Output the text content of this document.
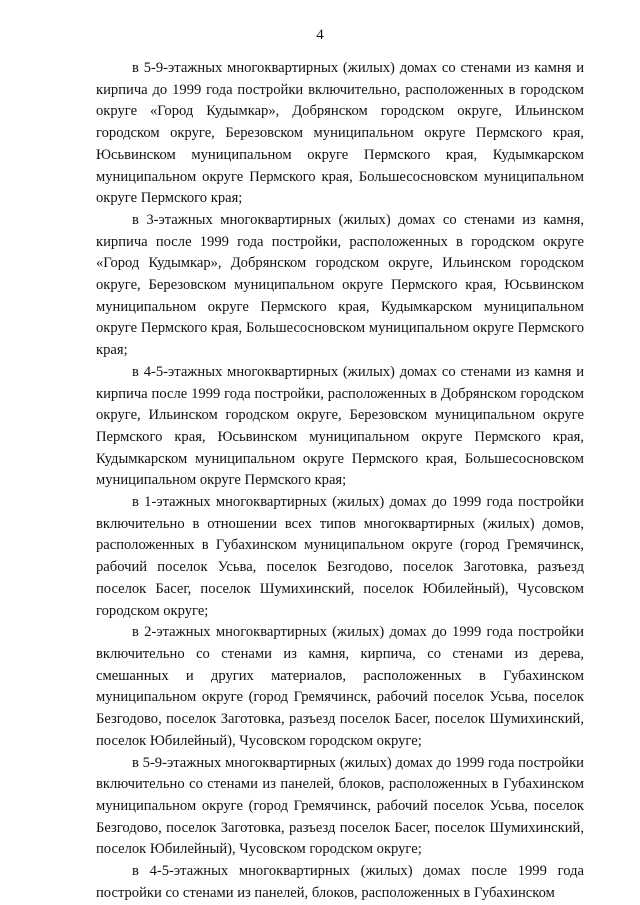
4

в 5-9-этажных многоквартирных (жилых) домах со стенами из камня и кирпича до 1999 года постройки включительно, расположенных в городском округе «Город Кудымкар», Добрянском городском округе, Ильинском городском округе, Березовском муниципальном округе Пермского края, Юсьвинском муниципальном округе Пермского края, Кудымкарском муниципальном округе Пермского края, Большесосновском муниципальном округе Пермского края;

в 3-этажных многоквартирных (жилых) домах со стенами из камня, кирпича после 1999 года постройки, расположенных в городском округе «Город Кудымкар», Добрянском городском округе, Ильинском городском округе, Березовском муниципальном округе Пермского края, Юсьвинском муниципальном округе Пермского края, Кудымкарском муниципальном округе Пермского края, Большесосновском муниципальном округе Пермского края;

в 4-5-этажных многоквартирных (жилых) домах со стенами из камня и кирпича после 1999 года постройки, расположенных в Добрянском городском округе, Ильинском городском округе, Березовском муниципальном округе Пермского края, Юсьвинском муниципальном округе Пермского края, Кудымкарском муниципальном округе Пермского края, Большесосновском муниципальном округе Пермского края;

в 1-этажных многоквартирных (жилых) домах до 1999 года постройки включительно в отношении всех типов многоквартирных (жилых) домов, расположенных в Губахинском муниципальном округе (город Гремячинск, рабочий поселок Усьва, поселок Безгодово, поселок Заготовка, разъезд поселок Басег, поселок Шумихинский, поселок Юбилейный), Чусовском городском округе;

в 2-этажных многоквартирных (жилых) домах до 1999 года постройки включительно со стенами из камня, кирпича, со стенами из дерева, смешанных и других материалов, расположенных в Губахинском муниципальном округе (город Гремячинск, рабочий поселок Усьва, поселок Безгодово, поселок Заготовка, разъезд поселок Басег, поселок Шумихинский, поселок Юбилейный), Чусовском городском округе;

в 5-9-этажных многоквартирных (жилых) домах до 1999 года постройки включительно со стенами из панелей, блоков, расположенных в Губахинском муниципальном округе (город Гремячинск, рабочий поселок Усьва, поселок Безгодово, поселок Заготовка, разъезд поселок Басег, поселок Шумихинский, поселок Юбилейный), Чусовском городском округе;

в 4-5-этажных многоквартирных (жилых) домах после 1999 года постройки со стенами из панелей, блоков, расположенных в Губахинском
